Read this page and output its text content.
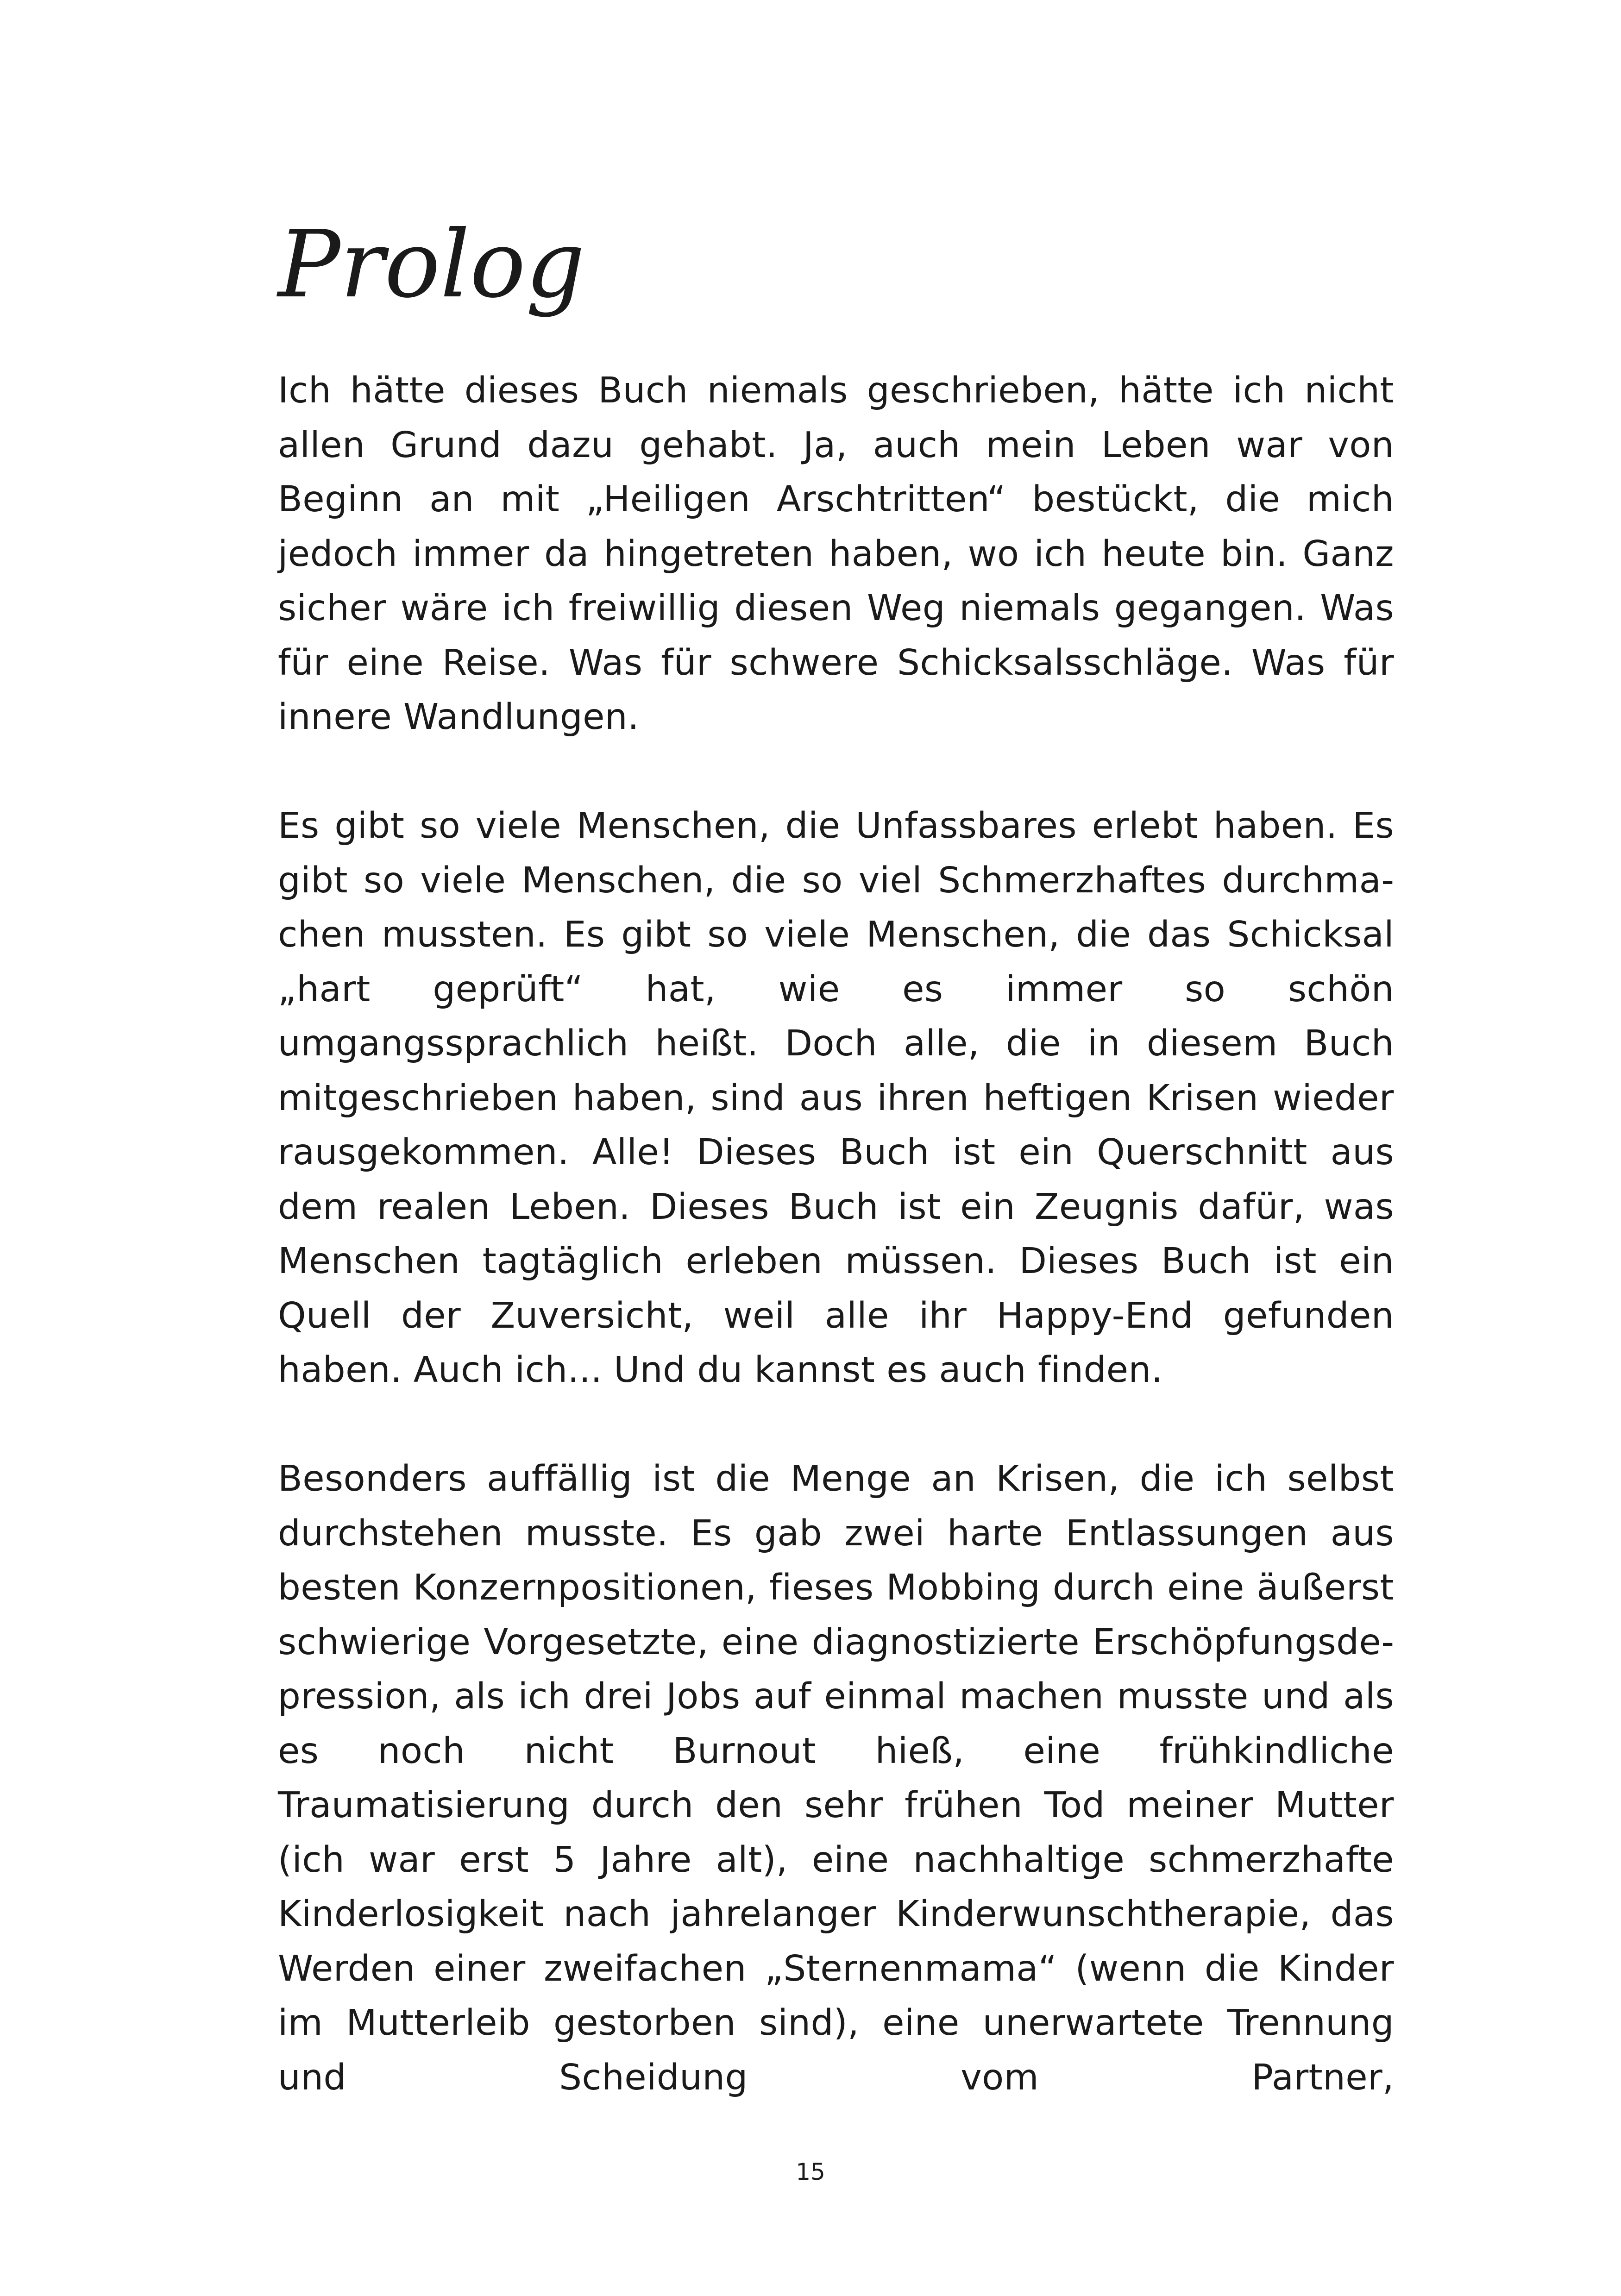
Prolog

Ich hätte dieses Buch niemals geschrieben, hätte ich nicht allen Grund dazu gehabt. Ja, auch mein Leben war von Beginn an mit „Heiligen Arschtritten“ bestückt, die mich jedoch immer da hingetreten haben, wo ich heute bin. Ganz sicher wäre ich freiwillig diesen Weg niemals gegangen. Was für eine Reise. Was für schwere Schicksalsschläge. Was für innere Wandlungen.

Es gibt so viele Menschen, die Unfassbares erlebt haben. Es gibt so viele Menschen, die so viel Schmerzhaftes durchmachen mussten. Es gibt so viele Menschen, die das Schicksal „hart geprüft“ hat, wie es immer so schön umgangssprachlich heißt. Doch alle, die in diesem Buch mitgeschrieben haben, sind aus ihren heftigen Krisen wieder rausgekommen. Alle! Dieses Buch ist ein Querschnitt aus dem realen Leben. Dieses Buch ist ein Zeugnis dafür, was Menschen tagtäglich erleben müssen. Dieses Buch ist ein Quell der Zuversicht, weil alle ihr Happy-End gefunden haben. Auch ich... Und du kannst es auch finden.

Besonders auffällig ist die Menge an Krisen, die ich selbst durchstehen musste. Es gab zwei harte Entlassungen aus besten Konzernpositionen, fieses Mobbing durch eine äußerst schwierige Vorgesetzte, eine diagnostizierte Erschöpfungsdepression, als ich drei Jobs auf einmal machen musste und als es noch nicht Burnout hieß, eine frühkindliche Traumatisierung durch den sehr frühen Tod meiner Mutter (ich war erst 5 Jahre alt), eine nachhaltige schmerzhafte Kinderlosigkeit nach jahrelanger Kinderwunschtherapie, das Werden einer zweifachen „Sternenmama“ (wenn die Kinder im Mutterleib gestorben sind), eine unerwartete Trennung und Scheidung vom Partner,

15
